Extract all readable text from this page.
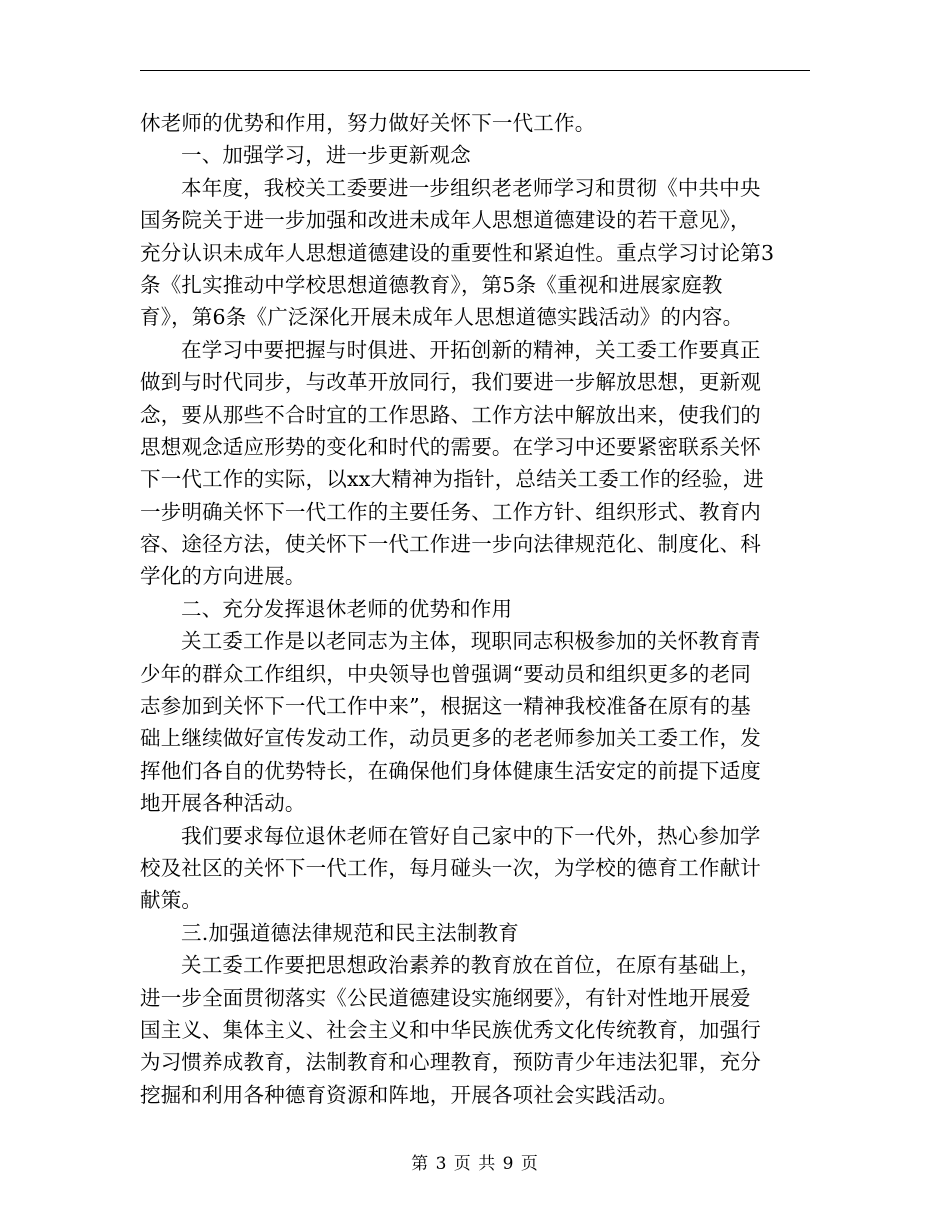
休老师的优势和作用，努力做好关怀下一代工作。
一、加强学习，进一步更新观念
本年度，我校关工委要进一步组织老老师学习和贯彻《中共中央
国务院关于进一步加强和改进未成年人思想道德建设的若干意见》，
充分认识未成年人思想道德建设的重要性和紧迫性。重点学习讨论第3
条《扎实推动中学校思想道德教育》，第5条《重视和进展家庭教
育》，第6条《广泛深化开展未成年人思想道德实践活动》的内容。
在学习中要把握与时俱进、开拓创新的精神，关工委工作要真正
做到与时代同步，与改革开放同行，我们要进一步解放思想，更新观
念，要从那些不合时宜的工作思路、工作方法中解放出来，使我们的
思想观念适应形势的变化和时代的需要。在学习中还要紧密联系关怀
下一代工作的实际，以xx大精神为指针，总结关工委工作的经验，进
一步明确关怀下一代工作的主要任务、工作方针、组织形式、教育内
容、途径方法，使关怀下一代工作进一步向法律规范化、制度化、科
学化的方向进展。
二、充分发挥退休老师的优势和作用
关工委工作是以老同志为主体，现职同志积极参加的关怀教育青
少年的群众工作组织，中央领导也曾强调“要动员和组织更多的老同
志参加到关怀下一代工作中来”，根据这一精神我校准备在原有的基
础上继续做好宣传发动工作，动员更多的老老师参加关工委工作，发
挥他们各自的优势特长，在确保他们身体健康生活安定的前提下适度
地开展各种活动。
我们要求每位退休老师在管好自己家中的下一代外，热心参加学
校及社区的关怀下一代工作，每月碰头一次，为学校的德育工作献计
献策。
三.加强道德法律规范和民主法制教育
关工委工作要把思想政治素养的教育放在首位，在原有基础上，
进一步全面贯彻落实《公民道德建设实施纲要》，有针对性地开展爱
国主义、集体主义、社会主义和中华民族优秀文化传统教育，加强行
为习惯养成教育，法制教育和心理教育，预防青少年违法犯罪，充分
挖掘和利用各种德育资源和阵地，开展各项社会实践活动。
第 3 页 共 9 页
